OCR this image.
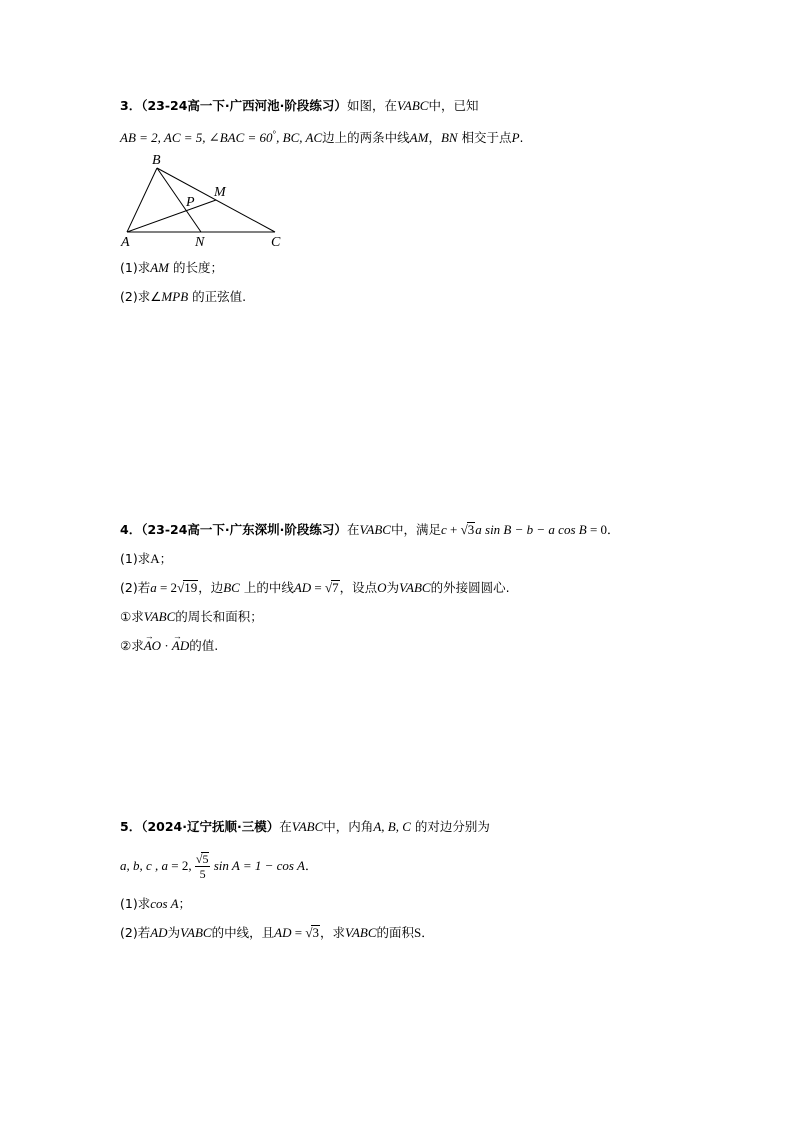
3．（23-24高一下·广西河池·阶段练习）如图，在VABC中，已知
AB = 2, AC = 5, ∠BAC = 60°, BC, AC边上的两条中线AM，BN 相交于点P.
B
A	N	C
M
P
(1)求AM 的长度；
(2)求∠MPB 的正弦值.
4．（23-24高一下·广东深圳·阶段练习）在VABC中，满足c + √3a sin B − b − a cos B = 0．
(1)求A；
(2)若a = 2√19，边BC 上的中线AD = √7，设点O为VABC的外接圆圆心.
①求VABC的周长和面积；
②求→ AO · → AD的值.
5．（2024·辽宁抚顺·三模）在VABC中，内角A, B, C 的对边分别为
a, b, c , a = 2, $\frac{√5}{5}$ sin A = 1 − cos A．
(1)求cos A；
(2)若AD为VABC的中线，且AD = √3，求VABC的面积S．
